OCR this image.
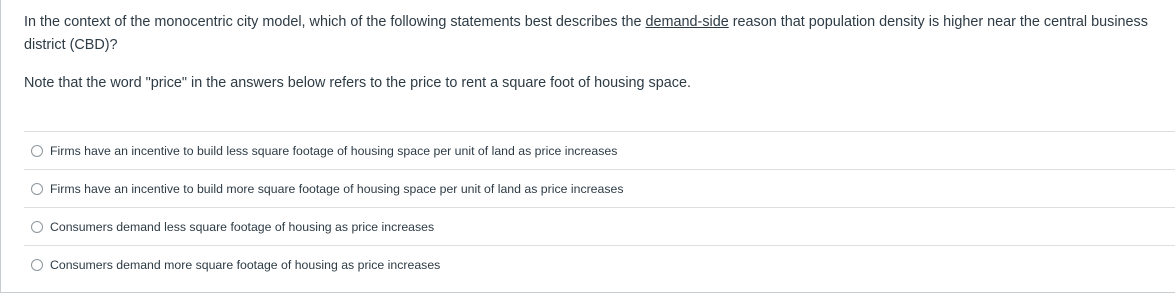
In the context of the monocentric city model, which of the following statements best describes the demand-side reason that population density is higher near the central business district (CBD)?

Note that the word "price" in the answers below refers to the price to rent a square foot of housing space.
Firms have an incentive to build less square footage of housing space per unit of land as price increases
Firms have an incentive to build more square footage of housing space per unit of land as price increases
Consumers demand less square footage of housing as price increases
Consumers demand more square footage of housing as price increases
